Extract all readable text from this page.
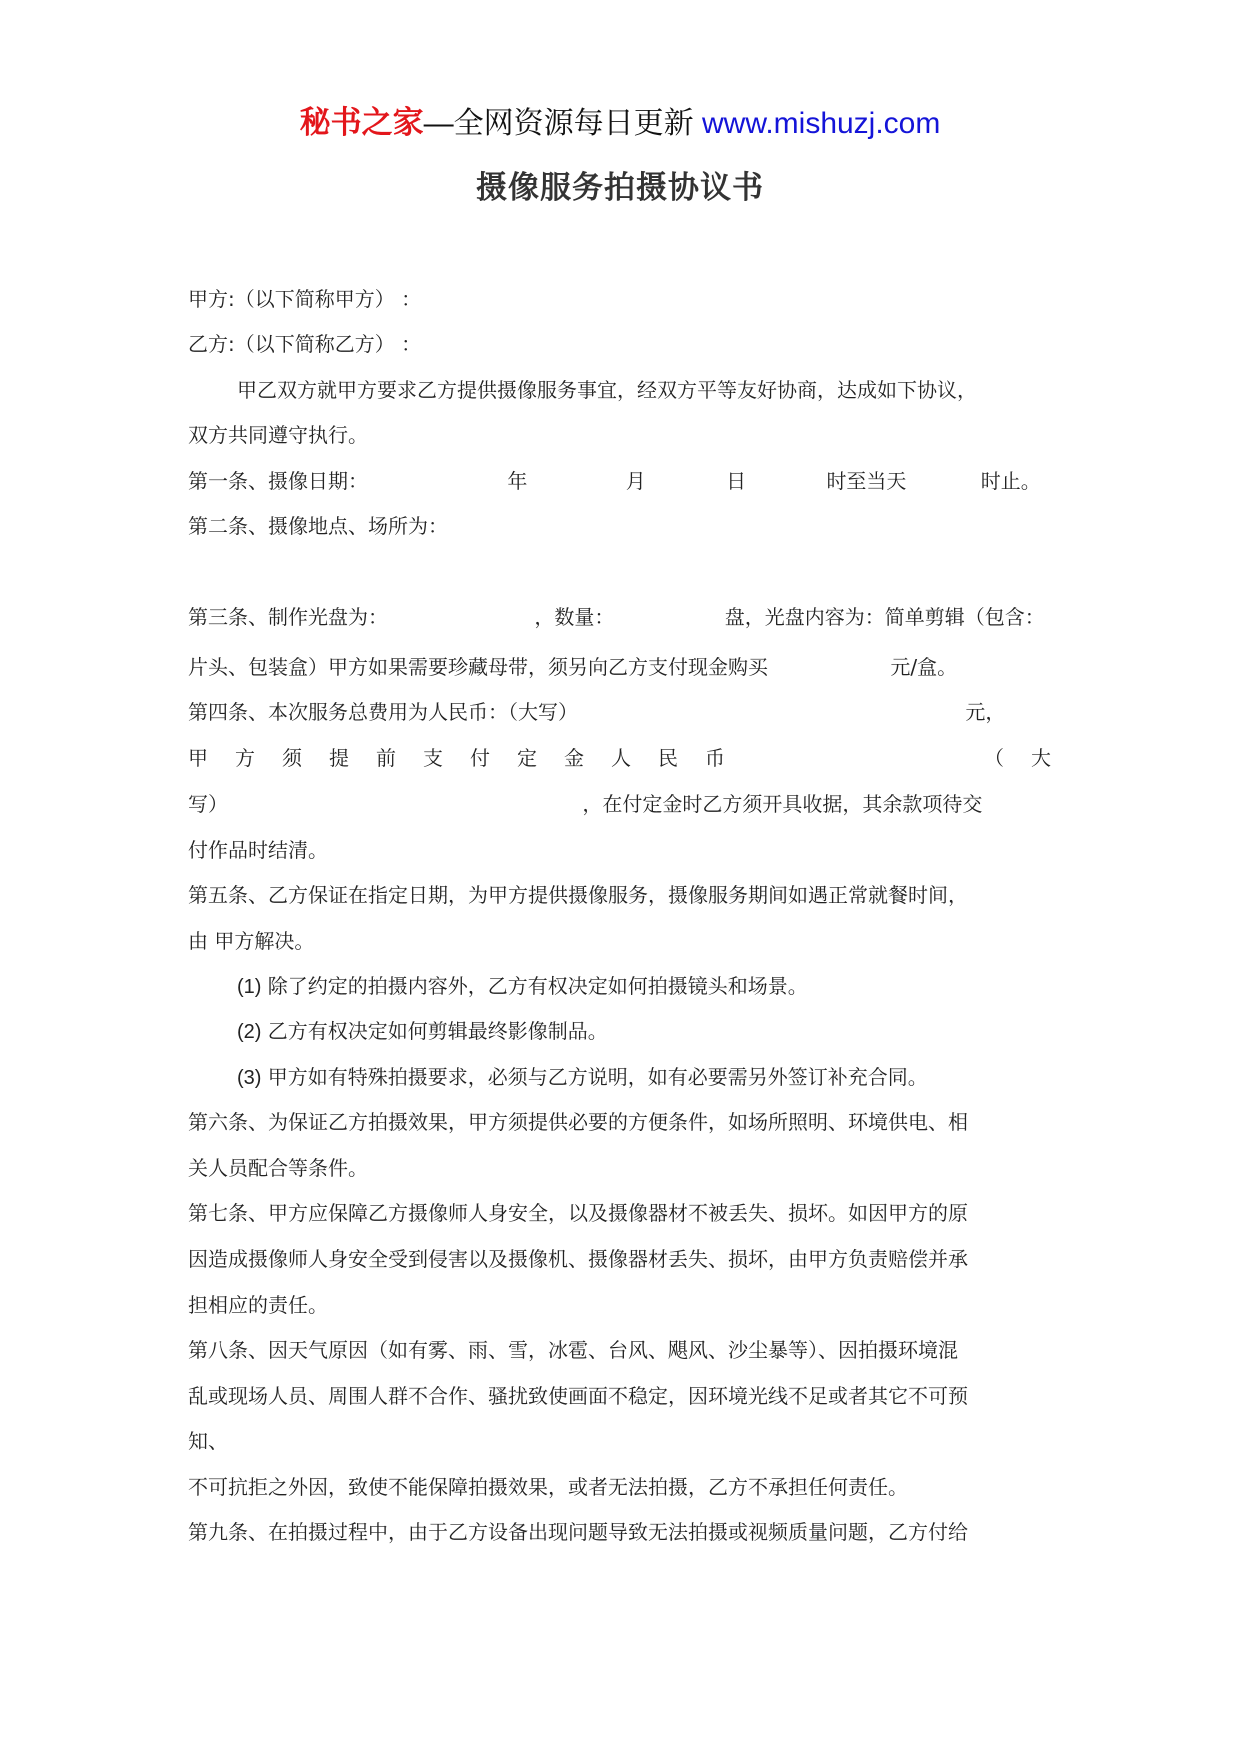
秘书之家—全网资源每日更新 www.mishuzj.com
摄像服务拍摄协议书
甲方:（以下简称甲方） ：
乙方:（以下简称乙方） ：
甲乙双方就甲方要求乙方提供摄像服务事宜，经双方平等友好协商，达成如下协议，
双方共同遵守执行。
第一条、摄像日期：	年	月	日	时至当天	时止。
第二条、摄像地点、场所为：
第三条、制作光盘为：	，数量：	盘，光盘内容为：简单剪辑（包含：
片头、包装盒）甲方如果需要珍藏母带，须另向乙方支付现金购买	元/盒。
第四条、本次服务总费用为人民币：（大写）	元，
甲 方 须 提 前 支 付 定 金 人 民 币	（ 大
写）	，在付定金时乙方须开具收据，其余款项待交
付作品时结清。
第五条、乙方保证在指定日期，为甲方提供摄像服务，摄像服务期间如遇正常就餐时间，
由 甲方解决。
(1) 除了约定的拍摄内容外，乙方有权决定如何拍摄镜头和场景。
(2) 乙方有权决定如何剪辑最终影像制品。
(3) 甲方如有特殊拍摄要求，必须与乙方说明，如有必要需另外签订补充合同。
第六条、为保证乙方拍摄效果，甲方须提供必要的方便条件，如场所照明、环境供电、相
关人员配合等条件。
第七条、甲方应保障乙方摄像师人身安全，以及摄像器材不被丢失、损坏。如因甲方的原
因造成摄像师人身安全受到侵害以及摄像机、摄像器材丢失、损坏，由甲方负责赔偿并承
担相应的责任。
第八条、因天气原因（如有雾、雨、雪，冰雹、台风、飓风、沙尘暴等）、因拍摄环境混
乱或现场人员、周围人群不合作、骚扰致使画面不稳定，因环境光线不足或者其它不可预
知、
不可抗拒之外因，致使不能保障拍摄效果，或者无法拍摄，乙方不承担任何责任。
第九条、在拍摄过程中，由于乙方设备出现问题导致无法拍摄或视频质量问题，乙方付给
